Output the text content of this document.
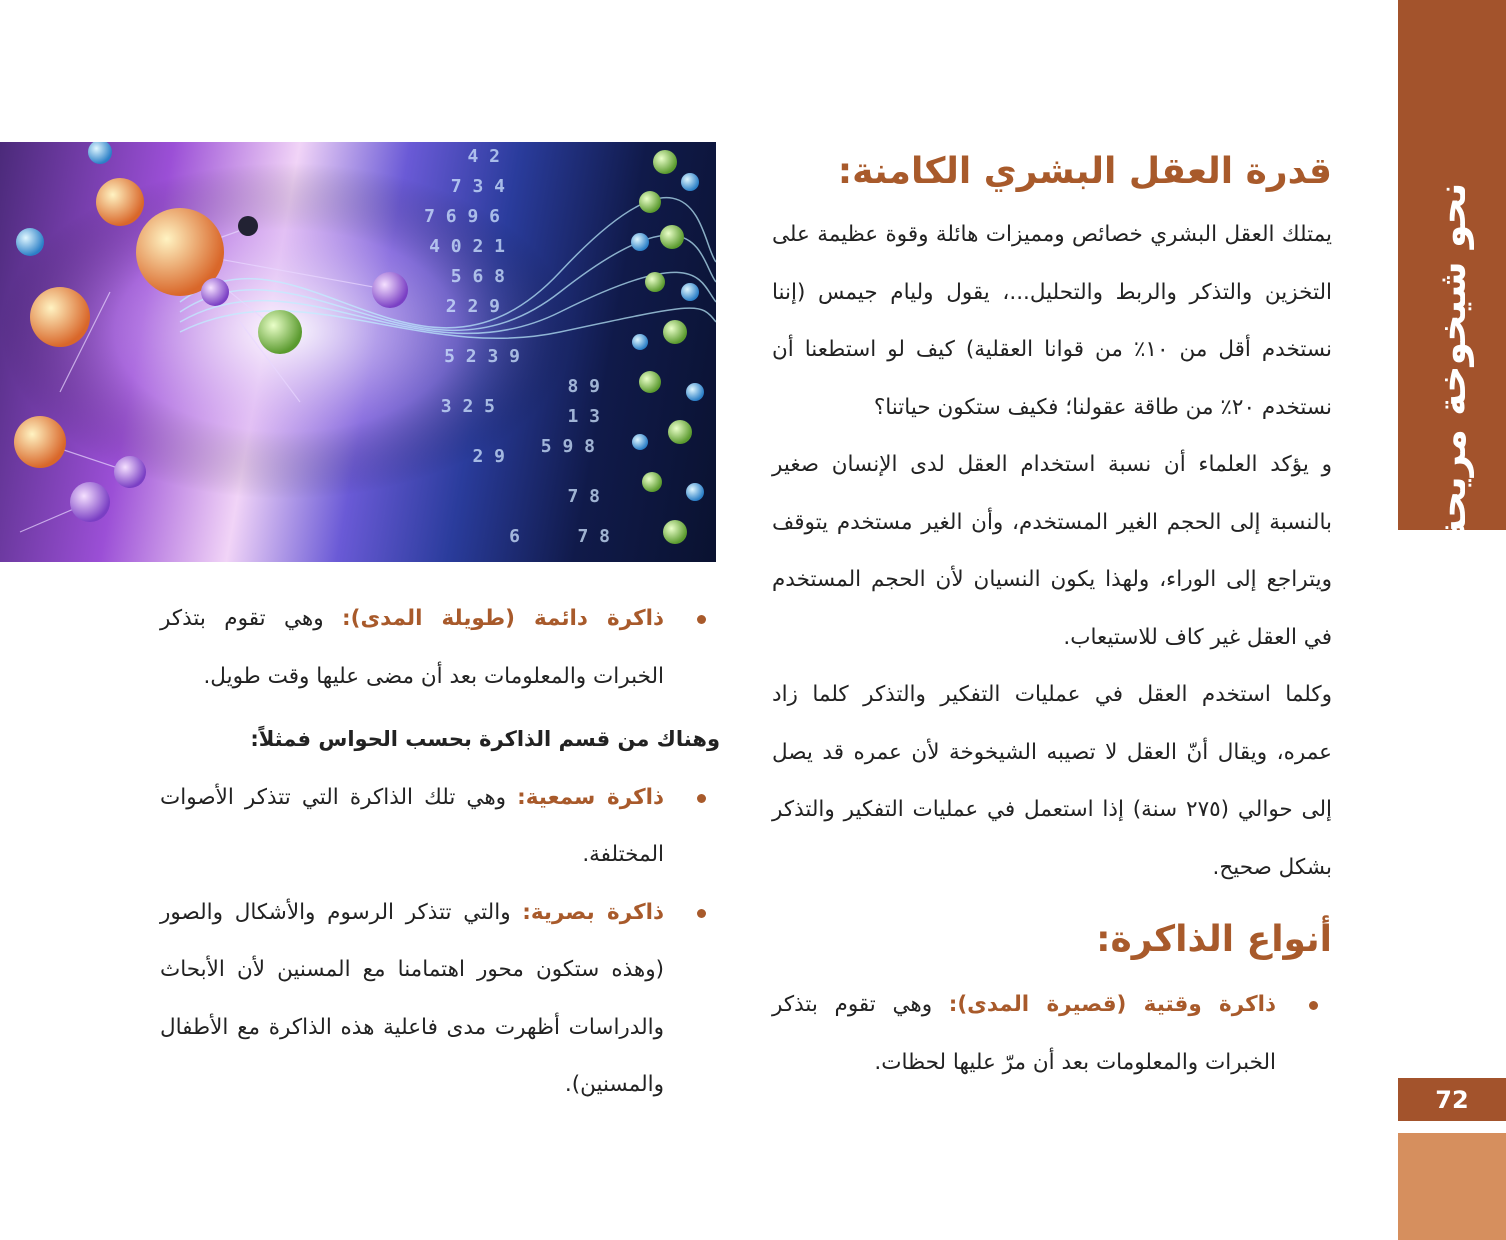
نحو شيخوخة مريحة
72
2 4
4 3 7
6 9 6 7
1 2 0 4
8 6 5
9 2 2
9 3 2 5
5 2 3
9 2
9 8
3 1
8 9 5
8 7
8 7
6
قدرة العقل البشري الكامنة:

يمتلك العقل البشري خصائص ومميزات هائلة وقوة عظيمة على التخزين والتذكر والربط والتحليل...، يقول وليام جيمس (إننا نستخدم أقل من ١٠٪ من قوانا العقلية) كيف لو استطعنا أن نستخدم ٢٠٪ من طاقة عقولنا؛ فكيف ستكون حياتنا؟

و يؤكد العلماء أن نسبة استخدام العقل لدى الإنسان صغير بالنسبة إلى الحجم الغير المستخدم، وأن الغير مستخدم يتوقف ويتراجع إلى الوراء، ولهذا يكون النسيان لأن الحجم المستخدم في العقل غير كاف للاستيعاب.

وكلما استخدم العقل في عمليات التفكير والتذكر كلما زاد عمره، ويقال أنّ العقل لا تصيبه الشيخوخة لأن عمره قد يصل إلى حوالي (٢٧٥ سنة) إذا استعمل في عمليات التفكير والتذكر بشكل صحيح.

أنواع الذاكرة:

ذاكرة وقتية (قصيرة المدى): وهي تقوم بتذكر الخبرات والمعلومات بعد أن مرّ عليها لحظات.

ذاكرة دائمة (طويلة المدى): وهي تقوم بتذكر الخبرات والمعلومات بعد أن مضى عليها وقت طويل.

وهناك من قسم الذاكرة بحسب الحواس فمثلاً:

ذاكرة سمعية: وهي تلك الذاكرة التي تتذكر الأصوات المختلفة.

ذاكرة بصرية: والتي تتذكر الرسوم والأشكال والصور (وهذه ستكون محور اهتمامنا مع المسنين لأن الأبحاث والدراسات أظهرت مدى فاعلية هذه الذاكرة مع الأطفال والمسنين).
